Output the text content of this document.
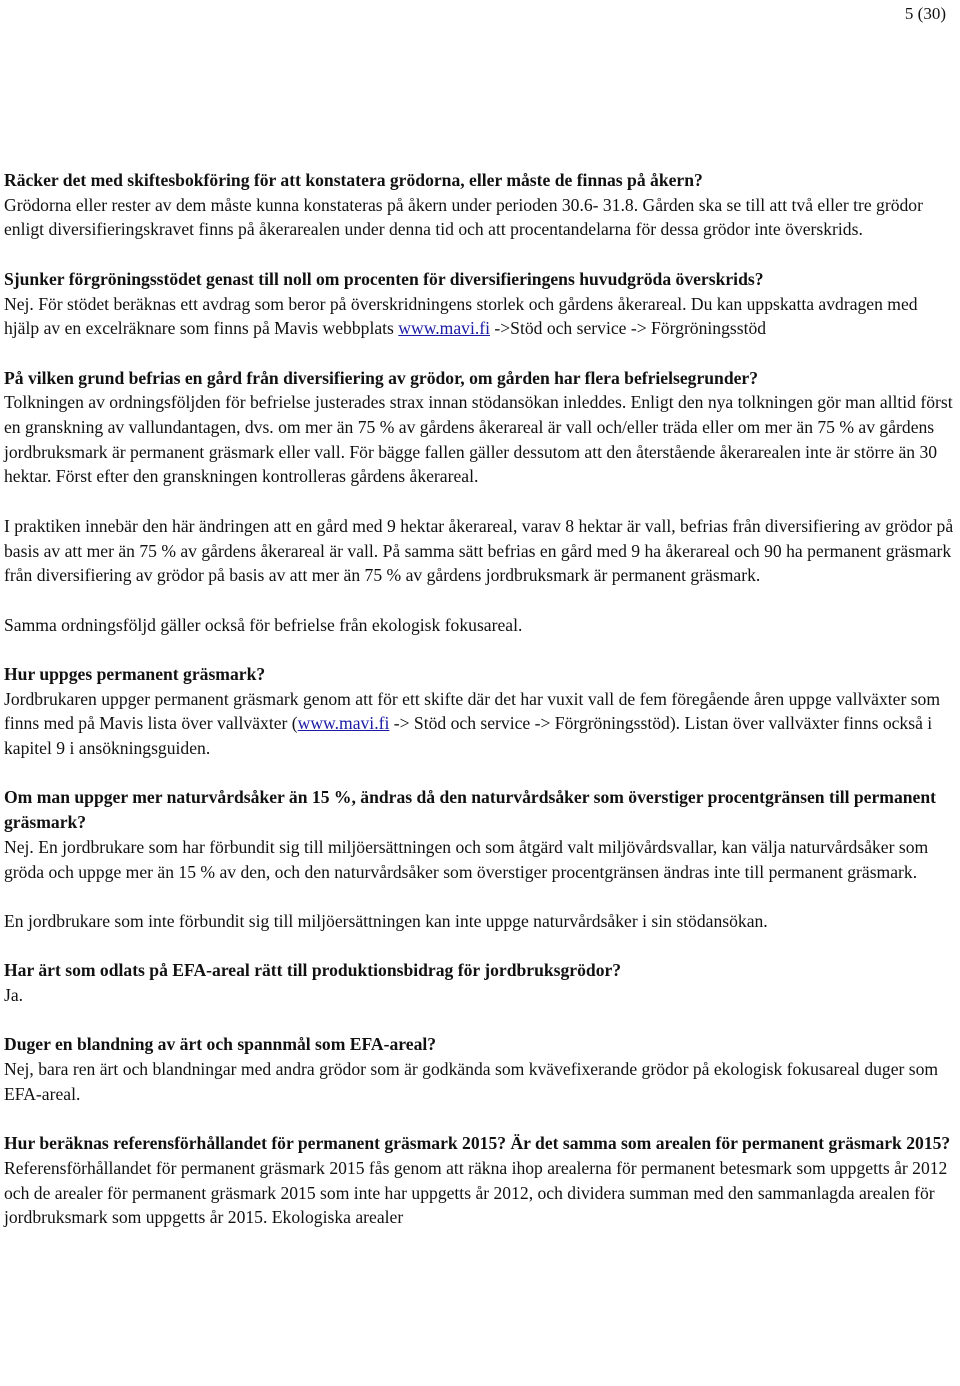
5 (30)
Räcker det med skiftesbokföring för att konstatera grödorna, eller måste de finnas på åkern?
Grödorna eller rester av dem måste kunna konstateras på åkern under perioden 30.6- 31.8. Gården ska se till att två eller tre grödor enligt diversifieringskravet finns på åkerarealen under denna tid och att procentandelarna för dessa grödor inte överskrids.
Sjunker förgröningsstödet genast till noll om procenten för diversifieringens huvudgröda överskrids?
Nej. För stödet beräknas ett avdrag som beror på överskridningens storlek och gårdens åkerareal. Du kan uppskatta avdragen med hjälp av en excelräknare som finns på Mavis webbplats www.mavi.fi ->Stöd och service -> Förgröningsstöd
På vilken grund befrias en gård från diversifiering av grödor, om gården har flera befrielsegrunder?
Tolkningen av ordningsföljden för befrielse justerades strax innan stödansökan inleddes. Enligt den nya tolkningen gör man alltid först en granskning av vallundantagen, dvs. om mer än 75 % av gårdens åkerareal är vall och/eller träda eller om mer än 75 % av gårdens jordbruksmark är permanent gräsmark eller vall. För bägge fallen gäller dessutom att den återstående åkerarealen inte är större än 30 hektar. Först efter den granskningen kontrolleras gårdens åkerareal.
I praktiken innebär den här ändringen att en gård med 9 hektar åkerareal, varav 8 hektar är vall, befrias från diversifiering av grödor på basis av att mer än 75 % av gårdens åkerareal är vall. På samma sätt befrias en gård med 9 ha åkerareal och 90 ha permanent gräsmark från diversifiering av grödor på basis av att mer än 75 % av gårdens jordbruksmark är permanent gräsmark.
Samma ordningsföljd gäller också för befrielse från ekologisk fokusareal.
Hur uppges permanent gräsmark?
Jordbrukaren uppger permanent gräsmark genom att för ett skifte där det har vuxit vall de fem föregående åren uppge vallväxter som finns med på Mavis lista över vallväxter (www.mavi.fi -> Stöd och service -> Förgröningsstöd). Listan över vallväxter finns också i kapitel 9 i ansökningsguiden.
Om man uppger mer naturvårdsåker än 15 %, ändras då den naturvårdsåker som överstiger procentgränsen till permanent gräsmark?
Nej. En jordbrukare som har förbundit sig till miljöersättningen och som åtgärd valt miljövårdsvallar, kan välja naturvårdsåker som gröda och uppge mer än 15 % av den, och den naturvårdsåker som överstiger procentgränsen ändras inte till permanent gräsmark.
En jordbrukare som inte förbundit sig till miljöersättningen kan inte uppge naturvårdsåker i sin stödansökan.
Har ärt som odlats på EFA-areal rätt till produktionsbidrag för jordbruksgrödor?
Ja.
Duger en blandning av ärt och spannmål som EFA-areal?
Nej, bara ren ärt och blandningar med andra grödor som är godkända som kvävefixerande grödor på ekologisk fokusareal duger som EFA-areal.
Hur beräknas referensförhållandet för permanent gräsmark 2015? Är det samma som arealen för permanent gräsmark 2015?
Referensförhållandet för permanent gräsmark 2015 fås genom att räkna ihop arealerna för permanent betesmark som uppgetts år 2012 och de arealer för permanent gräsmark 2015 som inte har uppgetts år 2012, och dividera summan med den sammanlagda arealen för jordbruksmark som uppgetts år 2015. Ekologiska arealer
